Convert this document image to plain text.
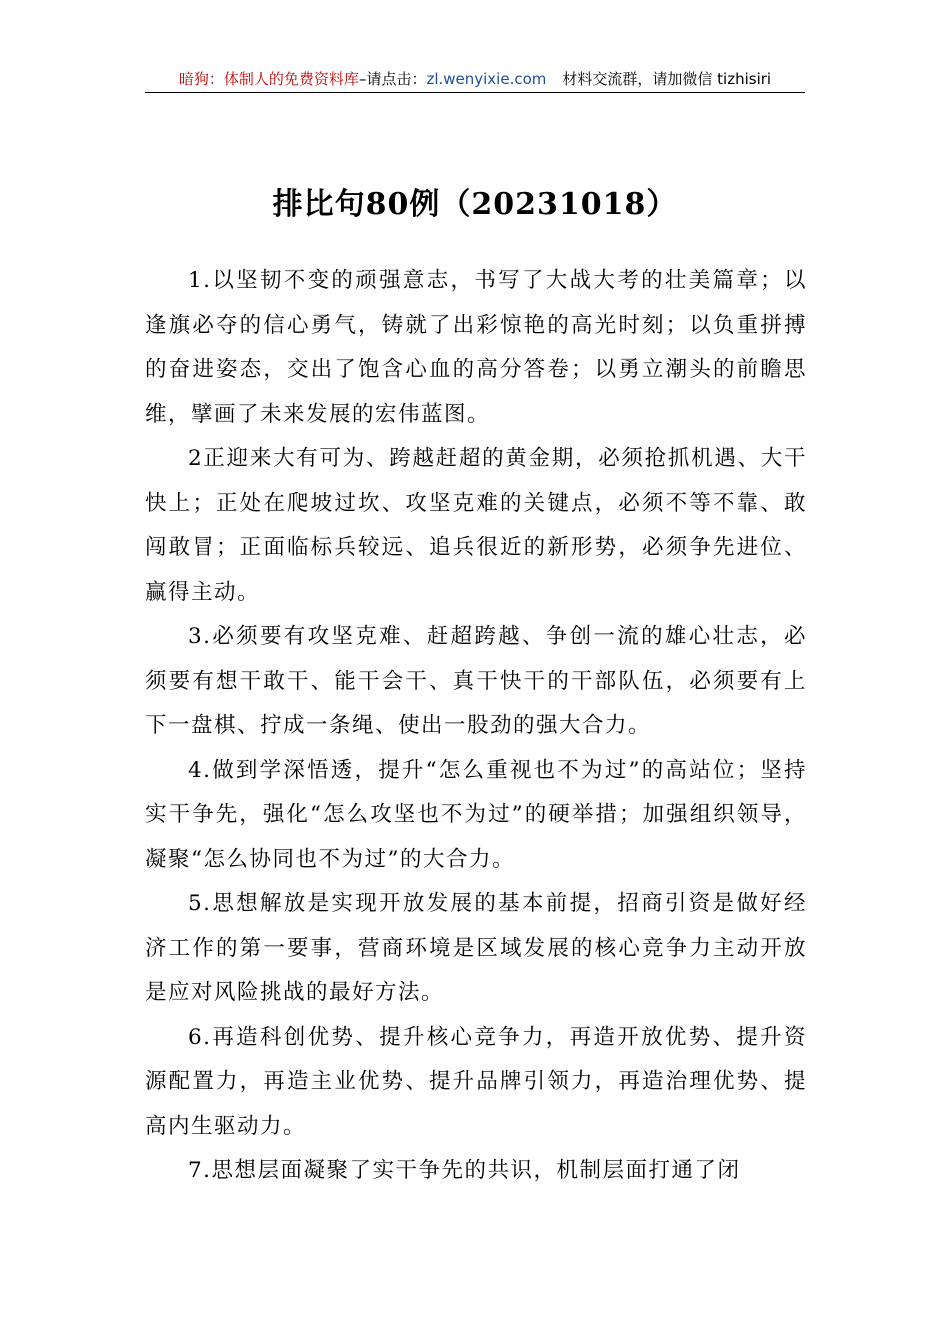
暗狗：体制人的免费资料库–请点击：zl.wenyixie.com 材料交流群，请加微信 tizhisiri
排比句80例（20231018）

1.以坚韧不变的顽强意志，书写了大战大考的壮美篇章；以逢旗必夺的信心勇气，铸就了出彩惊艳的高光时刻；以负重拼搏的奋进姿态，交出了饱含心血的高分答卷；以勇立潮头的前瞻思维，擘画了未来发展的宏伟蓝图。

2正迎来大有可为、跨越赶超的黄金期，必须抢抓机遇、大干快上；正处在爬坡过坎、攻坚克难的关键点，必须不等不靠、敢闯敢冒；正面临标兵较远、追兵很近的新形势，必须争先进位、赢得主动。

3.必须要有攻坚克难、赶超跨越、争创一流的雄心壮志，必须要有想干敢干、能干会干、真干快干的干部队伍，必须要有上下一盘棋、拧成一条绳、使出一股劲的强大合力。

4.做到学深悟透，提升“怎么重视也不为过”的高站位；坚持实干争先，强化“怎么攻坚也不为过”的硬举措；加强组织领导，凝聚“怎么协同也不为过”的大合力。

5.思想解放是实现开放发展的基本前提，招商引资是做好经济工作的第一要事，营商环境是区域发展的核心竞争力主动开放是应对风险挑战的最好方法。

6.再造科创优势、提升核心竞争力，再造开放优势、提升资源配置力，再造主业优势、提升品牌引领力，再造治理优势、提高内生驱动力。

7.思想层面凝聚了实干争先的共识，机制层面打通了闭
